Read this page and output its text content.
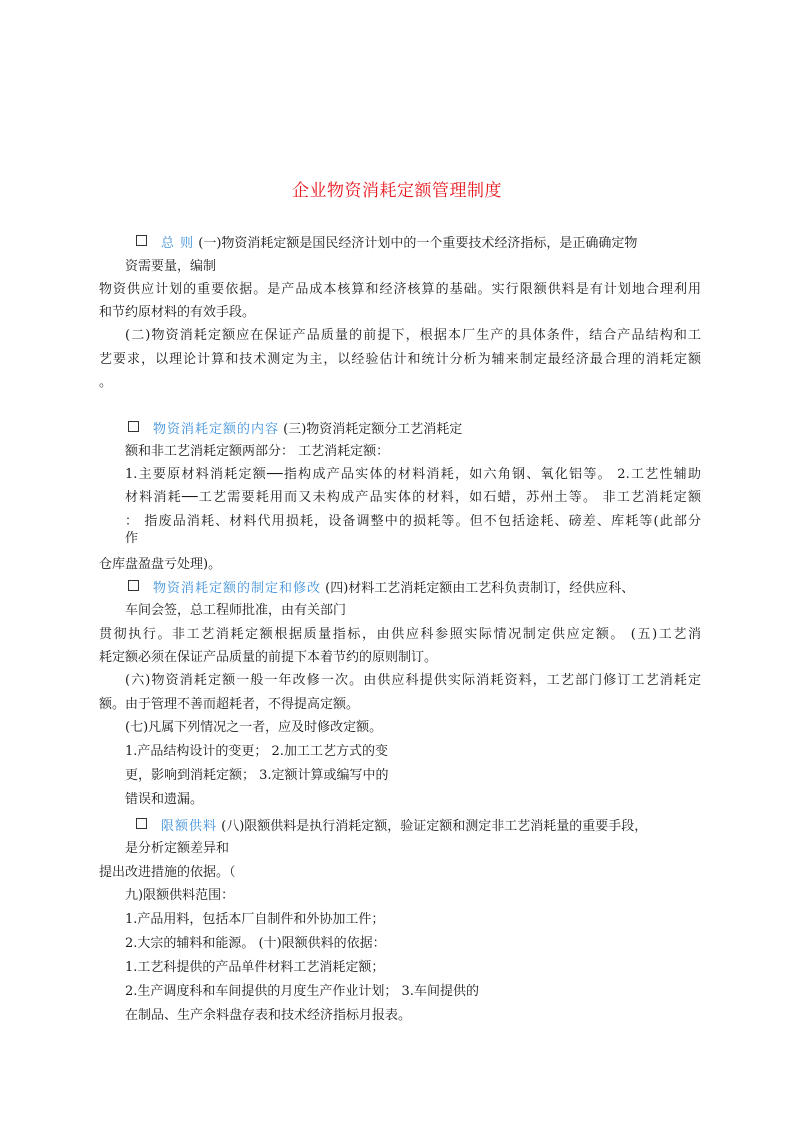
企业物资消耗定额管理制度
总 则 (一)物资消耗定额是国民经济计划中的一个重要技术经济指标，是正确确定物
资需要量，编制
物资供应计划的重要依据。是产品成本核算和经济核算的基础。实行限额供料是有计划地合理利用
和节约原材料的有效手段。
(二)物资消耗定额应在保证产品质量的前提下，根据本厂生产的具体条件，结合产品结构和工
艺要求，以理论计算和技术测定为主，以经验估计和统计分析为辅来制定最经济最合理的消耗定额
。
物资消耗定额的内容 (三)物资消耗定额分工艺消耗定
额和非工艺消耗定额两部分： 工艺消耗定额：
1.主要原材料消耗定额──指构成产品实体的材料消耗，如六角钢、氧化铝等。 2.工艺性辅助
材料消耗──工艺需要耗用而又未构成产品实体的材料，如石蜡，苏州土等。 非工艺消耗定额
： 指废品消耗、材料代用损耗，设备调整中的损耗等。但不包括途耗、磅差、库耗等(此部分
作
仓库盘盈盘亏处理)。
物资消耗定额的制定和修改 (四)材料工艺消耗定额由工艺科负责制订，经供应科、
车间会签，总工程师批准，由有关部门
贯彻执行。非工艺消耗定额根据质量指标，由供应科参照实际情况制定供应定额。 (五)工艺消
耗定额必须在保证产品质量的前提下本着节约的原则制订。
(六)物资消耗定额一般一年改修一次。由供应科提供实际消耗资料，工艺部门修订工艺消耗定
额。由于管理不善而超耗者，不得提高定额。
(七)凡属下列情况之一者，应及时修改定额。
1.产品结构设计的变更； 2.加工工艺方式的变
更，影响到消耗定额； 3.定额计算或编写中的
错误和遗漏。
限额供料 (八)限额供料是执行消耗定额，验证定额和测定非工艺消耗量的重要手段，
是分析定额差异和
提出改进措施的依据。（
九)限额供料范围：
1.产品用料，包括本厂自制件和外协加工件；
2.大宗的辅料和能源。 (十)限额供料的依据：
1.工艺科提供的产品单件材料工艺消耗定额；
2.生产调度科和车间提供的月度生产作业计划； 3.车间提供的
在制品、生产余料盘存表和技术经济指标月报表。
